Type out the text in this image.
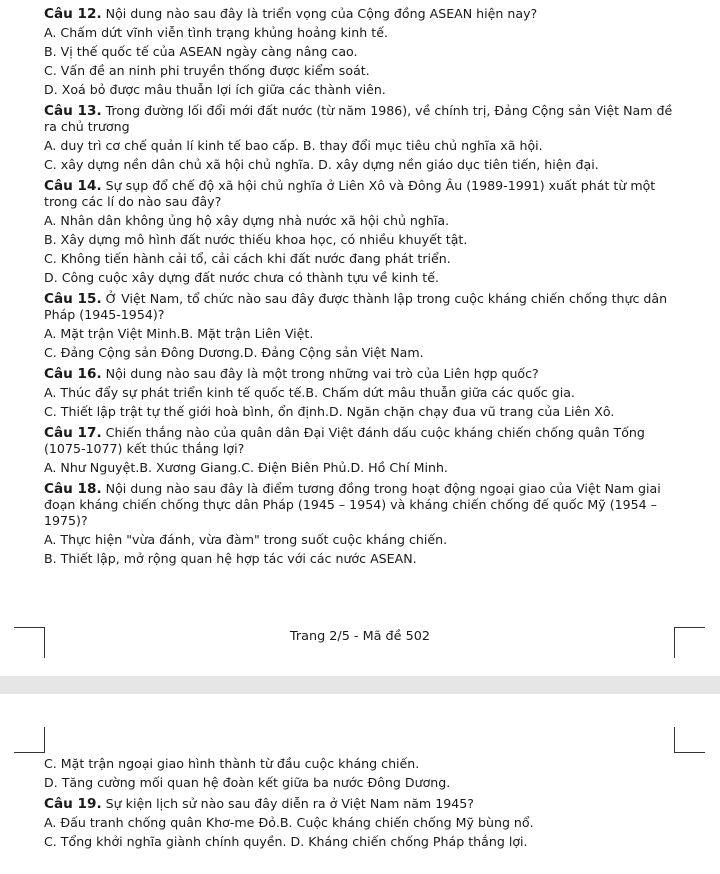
Câu 12. Nội dung nào sau đây là triển vọng của Cộng đồng ASEAN hiện nay?

A. Chấm dứt vĩnh viễn tình trạng khủng hoảng kinh tế.

B. Vị thế quốc tế của ASEAN ngày càng nâng cao.

C. Vấn đề an ninh phi truyền thống được kiểm soát.

D. Xoá bỏ được mâu thuẫn lợi ích giữa các thành viên.

Câu 13. Trong đường lối đổi mới đất nước (từ năm 1986), về chính trị, Đảng Cộng sản Việt Nam đề ra chủ trương

A. duy trì cơ chế quản lí kinh tế bao cấp. B. thay đổi mục tiêu chủ nghĩa xã hội.

C. xây dựng nền dân chủ xã hội chủ nghĩa. D. xây dựng nền giáo dục tiên tiến, hiện đại.

Câu 14. Sự sụp đổ chế độ xã hội chủ nghĩa ở Liên Xô và Đông Âu (1989-1991) xuất phát từ một trong các lí do nào sau đây?

A. Nhân dân không ủng hộ xây dựng nhà nước xã hội chủ nghĩa.

B. Xây dựng mô hình đất nước thiếu khoa học, có nhiều khuyết tật.

C. Không tiến hành cải tổ, cải cách khi đất nước đang phát triển.

D. Công cuộc xây dựng đất nước chưa có thành tựu về kinh tế.

Câu 15. Ở Việt Nam, tổ chức nào sau đây được thành lập trong cuộc kháng chiến chống thực dân Pháp (1945-1954)?

A. Mặt trận Việt Minh.B. Mặt trận Liên Việt.

C. Đảng Cộng sản Đông Dương.D. Đảng Cộng sản Việt Nam.

Câu 16. Nội dung nào sau đây là một trong những vai trò của Liên hợp quốc?

A. Thúc đẩy sự phát triển kinh tế quốc tế.B. Chấm dứt mâu thuẫn giữa các quốc gia.

C. Thiết lập trật tự thế giới hoà bình, ổn định.D. Ngăn chặn chạy đua vũ trang của Liên Xô.

Câu 17. Chiến thắng nào của quân dân Đại Việt đánh dấu cuộc kháng chiến chống quân Tống (1075-1077) kết thúc thắng lợi?

A. Như Nguyệt.B. Xương Giang.C. Điện Biên Phủ.D. Hồ Chí Minh.

Câu 18. Nội dung nào sau đây là điểm tương đồng trong hoạt động ngoại giao của Việt Nam giai đoạn kháng chiến chống thực dân Pháp (1945 – 1954) và kháng chiến chống đế quốc Mỹ (1954 – 1975)?

A. Thực hiện "vừa đánh, vừa đàm" trong suốt cuộc kháng chiến.

B. Thiết lập, mở rộng quan hệ hợp tác với các nước ASEAN.

Trang 2/5 - Mã đề 502

C. Mặt trận ngoại giao hình thành từ đầu cuộc kháng chiến.

D. Tăng cường mối quan hệ đoàn kết giữa ba nước Đông Dương.

Câu 19. Sự kiện lịch sử nào sau đây diễn ra ở Việt Nam năm 1945?

A. Đấu tranh chống quân Khơ-me Đỏ.B. Cuộc kháng chiến chống Mỹ bùng nổ.

C. Tổng khởi nghĩa giành chính quyền. D. Kháng chiến chống Pháp thắng lợi.
